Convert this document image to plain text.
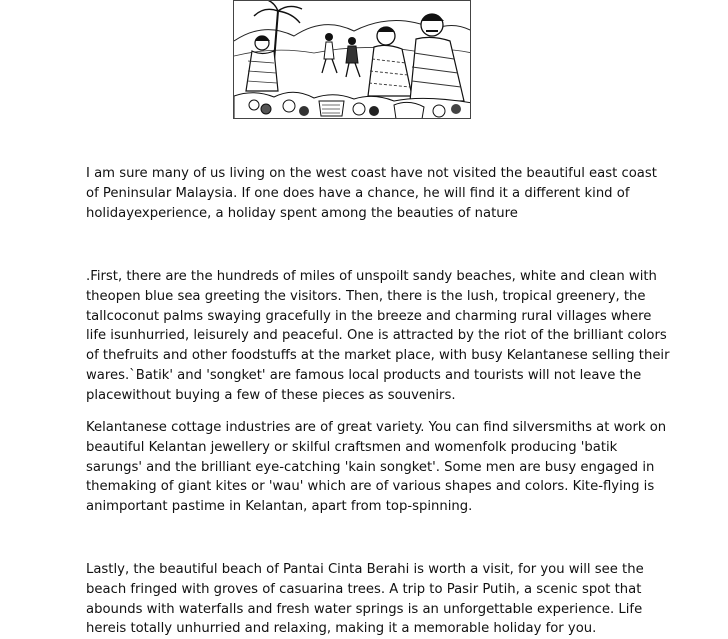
I am sure many of us living on the west coast have not visited the beautiful east coast
of Peninsular Malaysia. If one does have a chance, he will find it a different kind of
holidayexperience, a holiday spent among the beauties of nature
.First, there are the hundreds of miles of unspoilt sandy beaches, white and clean with
theopen blue sea greeting the visitors. Then, there is the lush, tropical greenery, the
tallcoconut palms swaying gracefully in the breeze and charming rural villages where
life isunhurried, leisurely and peaceful. One is attracted by the riot of the brilliant colors
of thefruits and other foodstuffs at the market place, with busy Kelantanese selling their
wares.`Batik' and 'songket' are famous local products and tourists will not leave the
placewithout buying a few of these pieces as souvenirs.
Kelantanese cottage industries are of great variety. You can find silversmiths at work on
beautiful Kelantan jewellery or skilful craftsmen and womenfolk producing 'batik
sarungs' and the brilliant eye-catching 'kain songket'. Some men are busy engaged in
themaking of giant kites or 'wau' which are of various shapes and colors. Kite-flying is
animportant pastime in Kelantan, apart from top-spinning.
Lastly, the beautiful beach of Pantai Cinta Berahi is worth a visit, for you will see the
beach fringed with groves of casuarina trees. A trip to Pasir Putih, a scenic spot that
abounds with waterfalls and fresh water springs is an unforgettable experience. Life
hereis totally unhurried and relaxing, making it a memorable holiday for you.
